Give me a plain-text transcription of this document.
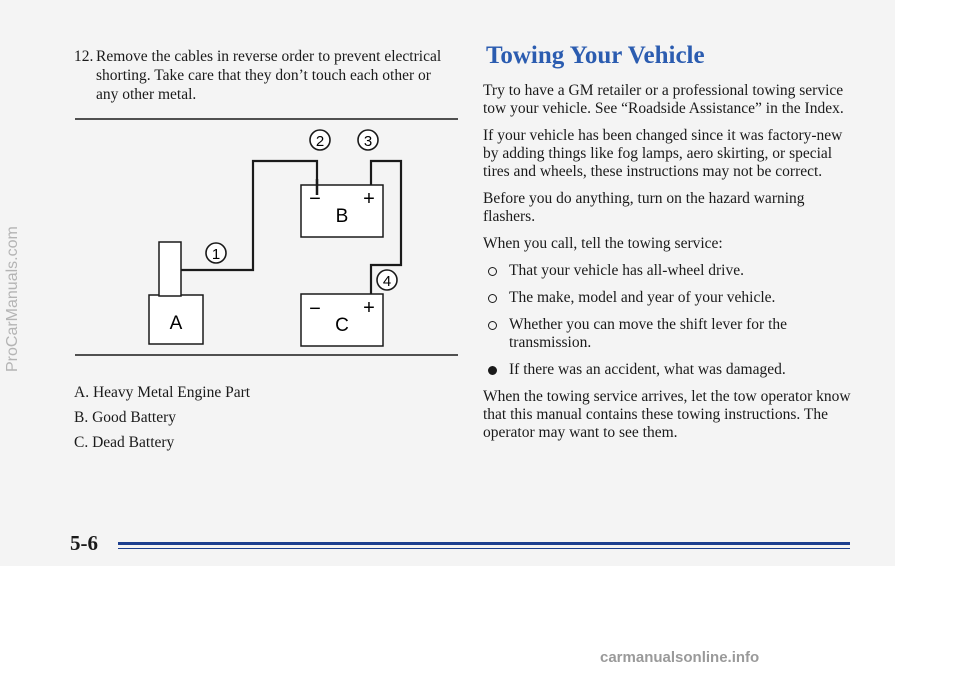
12. Remove the cables in reverse order to prevent electrical shorting. Take care that they don’t touch each other or any other metal.
A
B
− +
C
− +
1
2	3
4
A. Heavy Metal Engine Part
B. Good Battery
C. Dead Battery
Towing Your Vehicle

Try to have a GM retailer or a professional towing service tow your vehicle. See “Roadside Assistance” in the Index.

If your vehicle has been changed since it was factory-new by adding things like fog lamps, aero skirting, or special tires and wheels, these instructions may not be correct.

Before you do anything, turn on the hazard warning flashers.

When you call, tell the towing service:

That your vehicle has all-wheel drive.
The make, model and year of your vehicle.
Whether you can move the shift lever for the transmission.
If there was an accident, what was damaged.

When the towing service arrives, let the tow operator know that this manual contains these towing instructions. The operator may want to see them.

5-6
ProCarManuals.com
carmanualsonline.info
